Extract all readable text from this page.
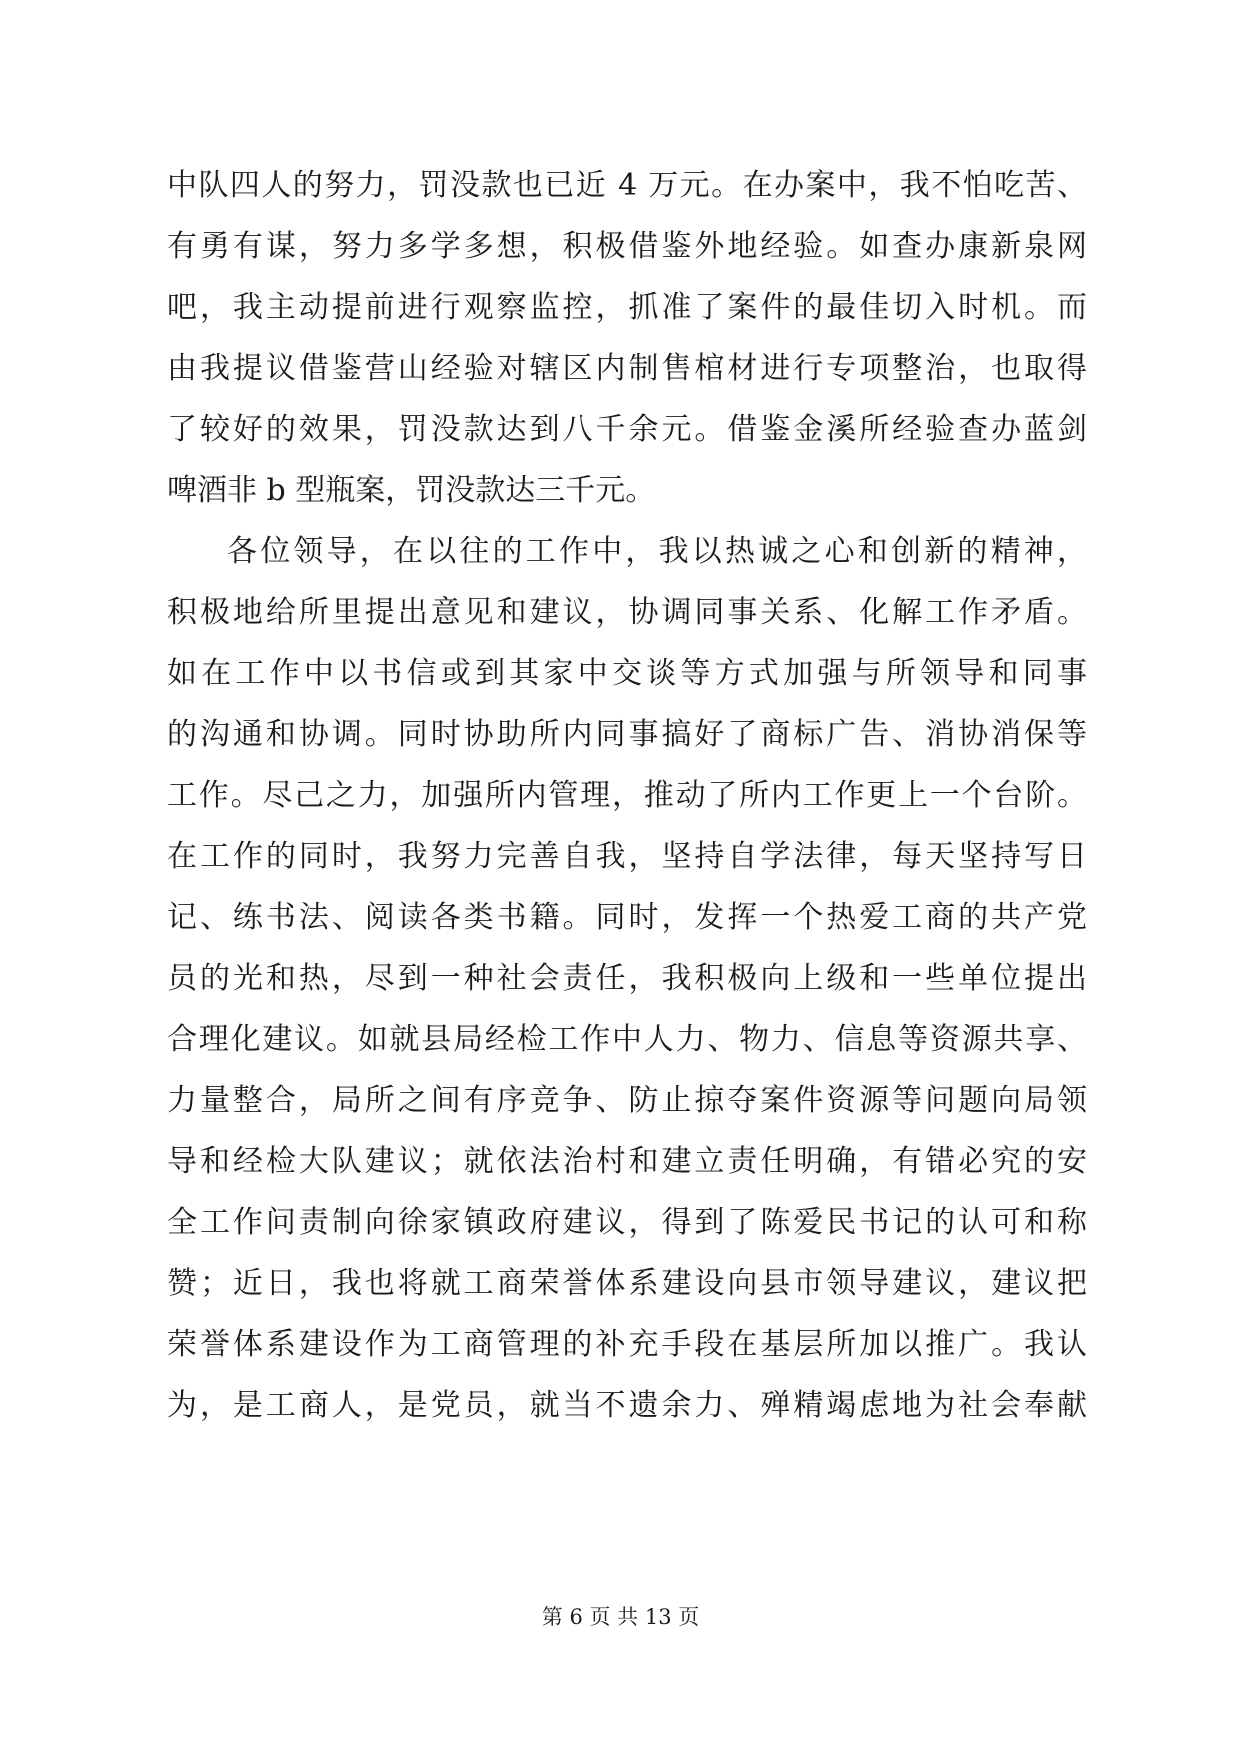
中队四人的努力，罚没款也已近 4 万元。在办案中，我不怕吃苦、
有勇有谋，努力多学多想，积极借鉴外地经验。如查办康新泉网
吧，我主动提前进行观察监控，抓准了案件的最佳切入时机。而
由我提议借鉴营山经验对辖区内制售棺材进行专项整治，也取得
了较好的效果，罚没款达到八千余元。借鉴金溪所经验查办蓝剑
啤酒非 b 型瓶案，罚没款达三千元。
各位领导，在以往的工作中，我以热诚之心和创新的精神，
积极地给所里提出意见和建议，协调同事关系、化解工作矛盾。
如在工作中以书信或到其家中交谈等方式加强与所领导和同事
的沟通和协调。同时协助所内同事搞好了商标广告、消协消保等
工作。尽己之力，加强所内管理，推动了所内工作更上一个台阶。
在工作的同时，我努力完善自我，坚持自学法律，每天坚持写日
记、练书法、阅读各类书籍。同时，发挥一个热爱工商的共产党
员的光和热，尽到一种社会责任，我积极向上级和一些单位提出
合理化建议。如就县局经检工作中人力、物力、信息等资源共享、
力量整合，局所之间有序竞争、防止掠夺案件资源等问题向局领
导和经检大队建议；就依法治村和建立责任明确，有错必究的安
全工作问责制向徐家镇政府建议，得到了陈爱民书记的认可和称
赞；近日，我也将就工商荣誉体系建设向县市领导建议，建议把
荣誉体系建设作为工商管理的补充手段在基层所加以推广。我认
为，是工商人，是党员，就当不遗余力、殚精竭虑地为社会奉献
第 6 页 共 13 页
